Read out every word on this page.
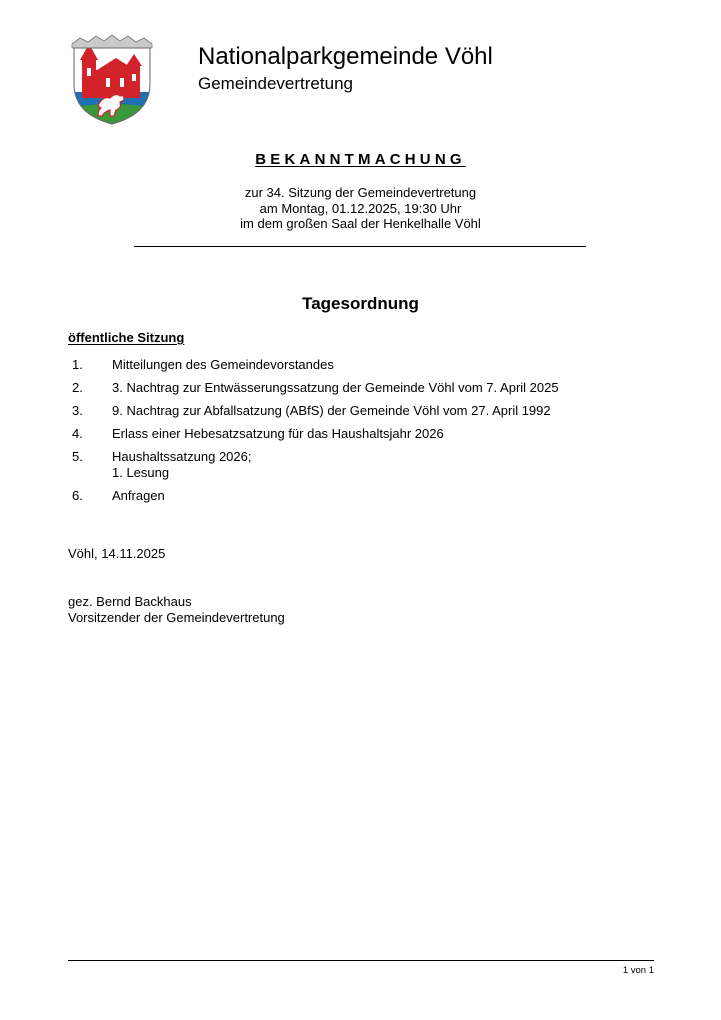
Nationalparkgemeinde Vöhl
Gemeindevertretung
BEKANNTMACHUNG
zur 34. Sitzung der Gemeindevertretung
am Montag, 01.12.2025, 19:30 Uhr
im dem großen Saal der Henkelhalle Vöhl
Tagesordnung
öffentliche Sitzung
1.	Mitteilungen des Gemeindevorstandes
2.	3. Nachtrag zur Entwässerungssatzung der Gemeinde Vöhl vom 7. April 2025
3.	9. Nachtrag zur Abfallsatzung (ABfS) der Gemeinde Vöhl vom 27. April 1992
4.	Erlass einer Hebesatzsatzung für das Haushaltsjahr 2026
5.	Haushaltssatzung 2026;
1. Lesung
6.	Anfragen
Vöhl, 14.11.2025
gez. Bernd Backhaus
Vorsitzender der Gemeindevertretung
1 von 1
